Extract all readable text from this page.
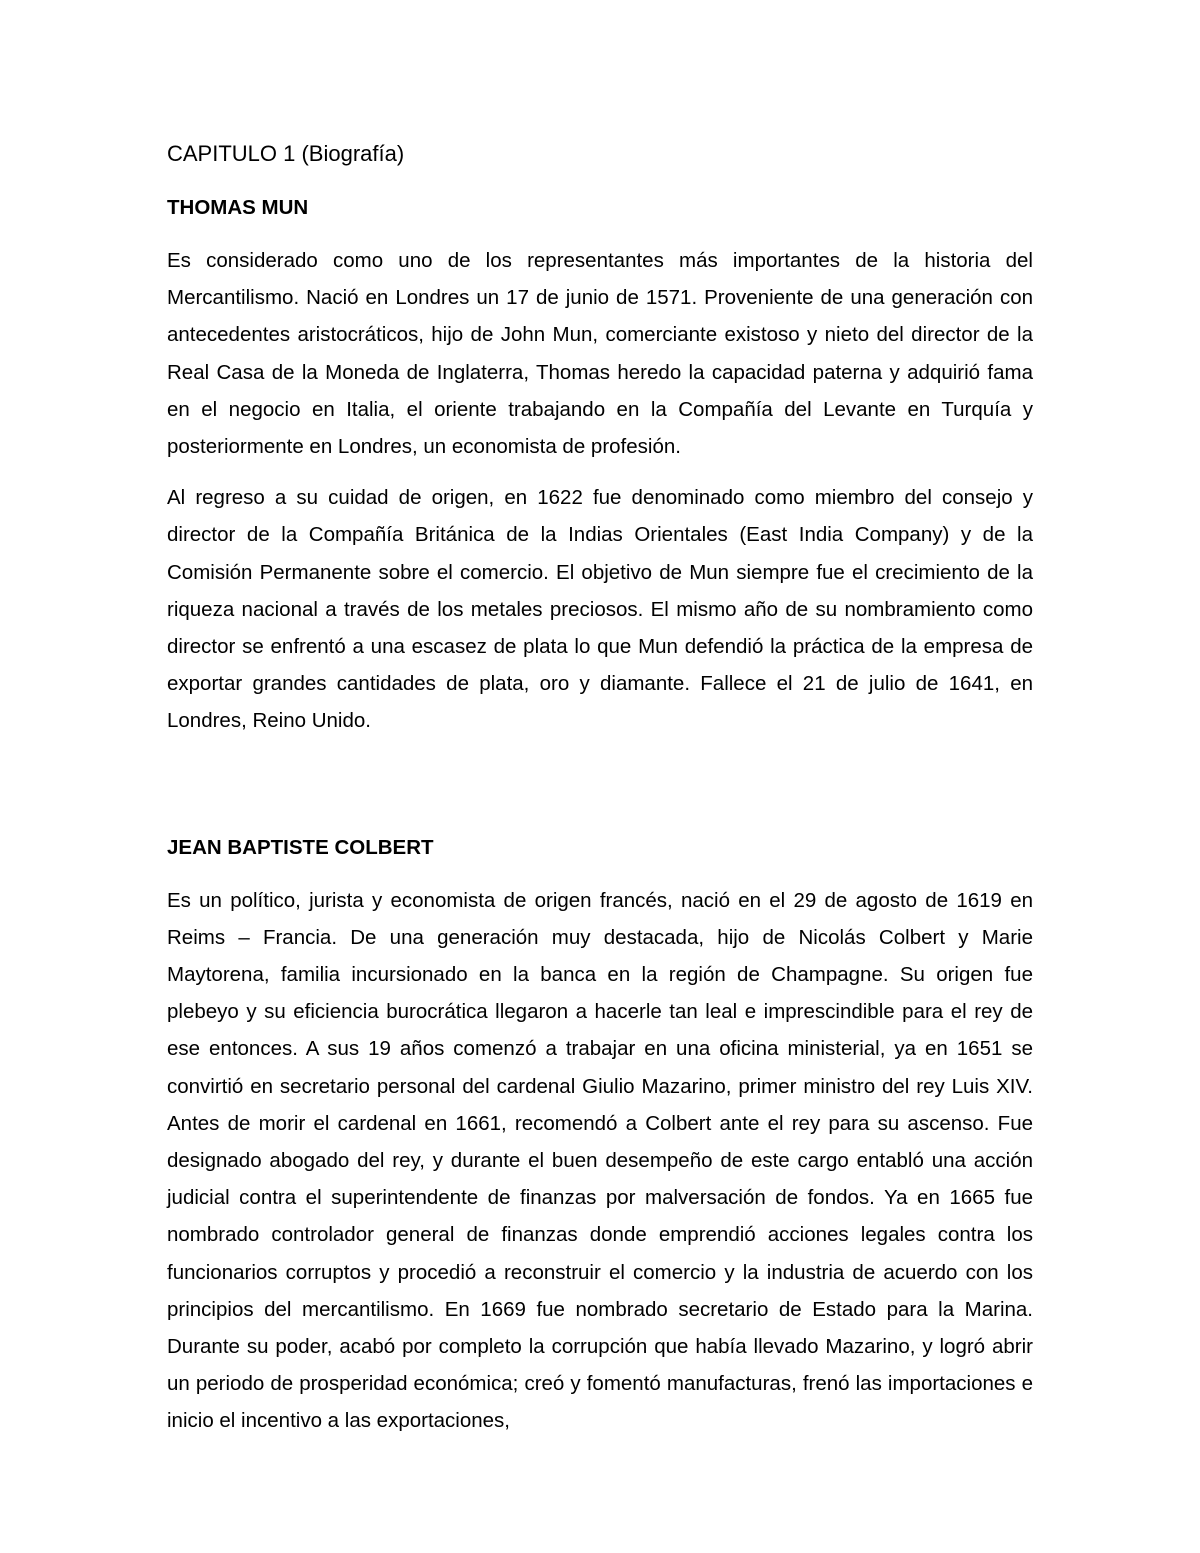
CAPITULO 1 (Biografía)
THOMAS MUN

Es considerado como uno de los representantes más importantes de la historia del Mercantilismo. Nació en Londres un 17 de junio de 1571. Proveniente de una generación con antecedentes aristocráticos, hijo de John Mun, comerciante existoso y nieto del director de la Real Casa de la Moneda de Inglaterra, Thomas heredo la capacidad paterna y adquirió fama en el negocio en Italia, el oriente trabajando en la Compañía del Levante en Turquía y posteriormente en Londres, un economista de profesión.

Al regreso a su cuidad de origen, en 1622 fue denominado como miembro del consejo y director de la Compañía Británica de la Indias Orientales (East India Company) y de la Comisión Permanente sobre el comercio. El objetivo de Mun siempre fue el crecimiento de la riqueza nacional a través de los metales preciosos. El mismo año de su nombramiento como director se enfrentó a una escasez de plata lo que Mun defendió la práctica de la empresa de exportar grandes cantidades de plata, oro y diamante. Fallece el 21 de julio de 1641, en Londres, Reino Unido.

JEAN BAPTISTE COLBERT

Es un político, jurista y economista de origen francés, nació en el 29 de agosto de 1619 en Reims – Francia. De una generación muy destacada, hijo de Nicolás Colbert y Marie Maytorena, familia incursionado en la banca en la región de Champagne. Su origen fue plebeyo y su eficiencia burocrática llegaron a hacerle tan leal e imprescindible para el rey de ese entonces. A sus 19 años comenzó a trabajar en una oficina ministerial, ya en 1651 se convirtió en secretario personal del cardenal Giulio Mazarino, primer ministro del rey Luis XIV. Antes de morir el cardenal en 1661, recomendó a Colbert ante el rey para su ascenso. Fue designado abogado del rey, y durante el buen desempeño de este cargo entabló una acción judicial contra el superintendente de finanzas por malversación de fondos. Ya en 1665 fue nombrado controlador general de finanzas donde emprendió acciones legales contra los funcionarios corruptos y procedió a reconstruir el comercio y la industria de acuerdo con los principios del mercantilismo. En 1669 fue nombrado secretario de Estado para la Marina. Durante su poder, acabó por completo la corrupción que había llevado Mazarino, y logró abrir un periodo de prosperidad económica; creó y fomentó manufacturas, frenó las importaciones e inicio el incentivo a las exportaciones,
